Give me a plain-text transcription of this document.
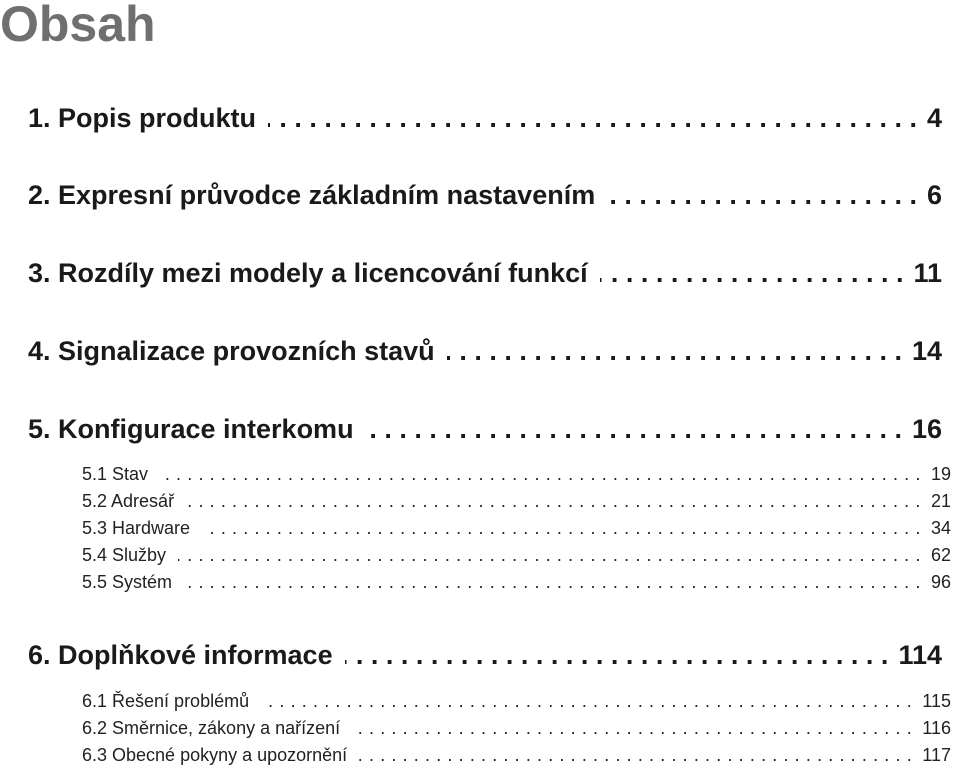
Obsah
1. Popis produktu . . .	4
2. Expresní průvodce základním nastavením . . .	6
3. Rozdíly mezi modely a licencování funkcí . . .	11
4. Signalizace provozních stavů . . .	14
5. Konfigurace interkomu . . .	16
5.1 Stav . . .	19
5.2 Adresář . . .	21
5.3 Hardware . . .	34
5.4 Služby . . .	62
5.5 Systém . . .	96
6. Doplňkové informace . . .	114
6.1 Řešení problémů . . .	115
6.2 Směrnice, zákony a nařízení . . .	116
6.3 Obecné pokyny a upozornění . . .	117
